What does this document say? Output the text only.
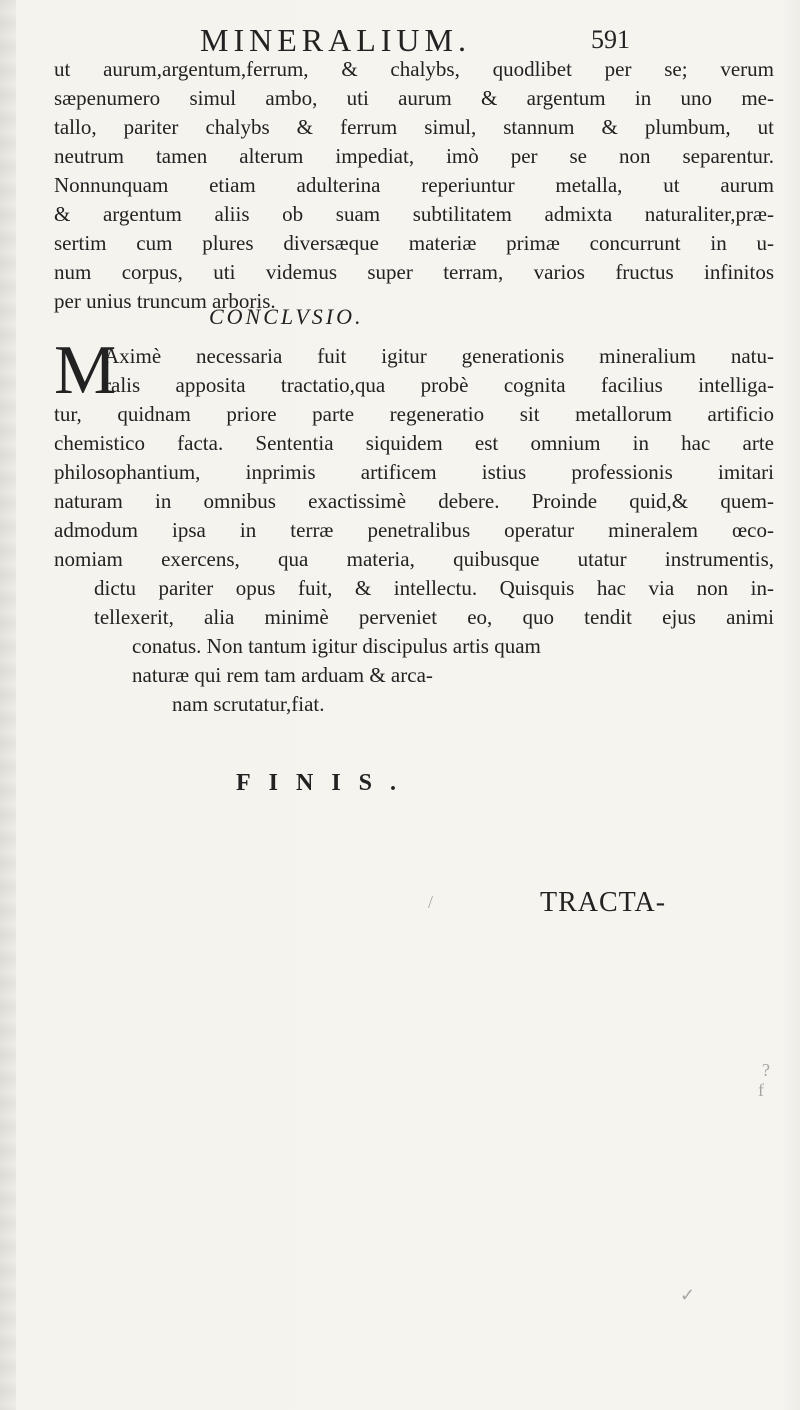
MINERALIUM.	591
ut aurum,argentum,ferrum, & chalybs, quodlibet per se; verum
sæpenumero simul ambo, uti aurum & argentum in uno me-
tallo, pariter chalybs & ferrum simul, stannum & plumbum, ut
neutrum tamen alterum impediat, imò per se non separentur.
Nonnunquam etiam adulterina reperiuntur metalla, ut aurum
& argentum aliis ob suam subtilitatem admixta naturaliter,præ-
sertim cum plures diversæque materiæ primæ concurrunt in u-
num corpus, uti videmus super terram, varios fructus infinitos
per unius truncum arboris.
CONCLVSIO.
M
Aximè necessaria fuit igitur generationis mineralium natu-
ralis apposita tractatio,qua probè cognita facilius intelliga-
tur, quidnam priore parte regeneratio sit metallorum artificio
chemistico facta. Sententia siquidem est omnium in hac arte
philosophantium, inprimis artificem istius professionis imitari
naturam in omnibus exactissimè debere. Proinde quid,& quem-
admodum ipsa in terræ penetralibus operatur mineralem œco-
nomiam exercens, qua materia, quibusque utatur instrumentis,
dictu pariter opus fuit, & intellectu. Quisquis hac via non in-
tellexerit, alia minimè perveniet eo, quo tendit ejus animi
conatus. Non tantum igitur discipulus artis quam
naturæ qui rem tam arduam & arca-
nam scrutatur,fiat.
FINIS.
TRACTA-
?
f
/
✓
